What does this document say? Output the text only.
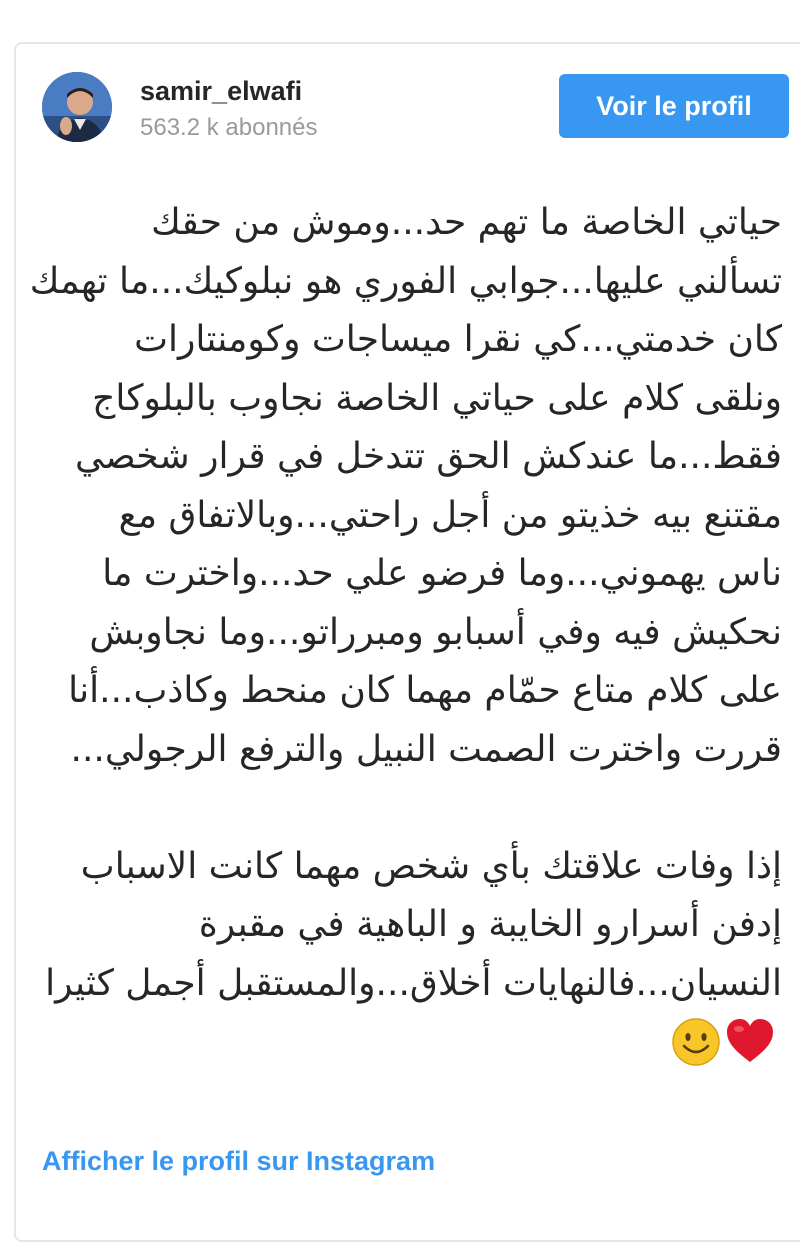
samir_elwafi
563.2 k abonnés
Voir le profil
حياتي الخاصة ما تهم حد...وموش من حقك
تسألني عليها...جوابي الفوري هو نبلوكيك...ما تهمك
كان خدمتي...كي نقرا ميساجات وكومنتارات
ونلقى كلام على حياتي الخاصة نجاوب بالبلوكاج
فقط...ما عندكش الحق تتدخل في قرار شخصي
مقتنع بيه خذيتو من أجل راحتي...وبالاتفاق مع
ناس يهموني...وما فرضو علي حد...واخترت ما
نحكيش فيه وفي أسبابو ومبرراتو...وما نجاوبش
على كلام متاع حمّام مهما كان منحط وكاذب...أنا
قررت واخترت الصمت النبيل والترفع الرجولي...
إذا وفات علاقتك بأي شخص مهما كانت الاسباب
إدفن أسرارو الخايبة و الباهية في مقبرة
النسيان...فالنهايات أخلاق...والمستقبل أجمل كثيرا
Afficher le profil sur Instagram
